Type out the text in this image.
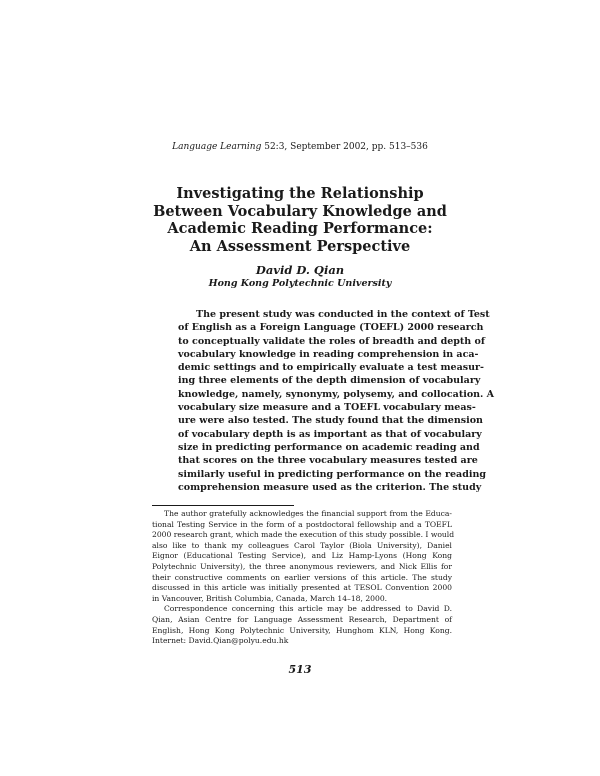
Language Learning 52:3, September 2002, pp. 513–536
Investigating the Relationship
Between Vocabulary Knowledge and
Academic Reading Performance:
An Assessment Perspective
David D. Qian
Hong Kong Polytechnic University
The present study was conducted in the context of Test
of English as a Foreign Language (TOEFL) 2000 research
to conceptually validate the roles of breadth and depth of
vocabulary knowledge in reading comprehension in aca-
demic settings and to empirically evaluate a test measur-
ing three elements of the depth dimension of vocabulary
knowledge, namely, synonymy, polysemy, and collocation. A
vocabulary size measure and a TOEFL vocabulary meas-
ure were also tested. The study found that the dimension
of vocabulary depth is as important as that of vocabulary
size in predicting performance on academic reading and
that scores on the three vocabulary measures tested are
similarly useful in predicting performance on the reading
comprehension measure used as the criterion. The study
The author gratefully acknowledges the financial support from the Educa-
tional Testing Service in the form of a postdoctoral fellowship and a TOEFL
2000 research grant, which made the execution of this study possible. I would
also like to thank my colleagues Carol Taylor (Biola University), Daniel
Eignor (Educational Testing Service), and Liz Hamp-Lyons (Hong Kong
Polytechnic University), the three anonymous reviewers, and Nick Ellis for
their constructive comments on earlier versions of this article. The study
discussed in this article was initially presented at TESOL Convention 2000
in Vancouver, British Columbia, Canada, March 14–18, 2000.
Correspondence concerning this article may be addressed to David D.
Qian, Asian Centre for Language Assessment Research, Department of
English, Hong Kong Polytechnic University, Hunghom KLN, Hong Kong.
Internet: David.Qian@polyu.edu.hk
513
